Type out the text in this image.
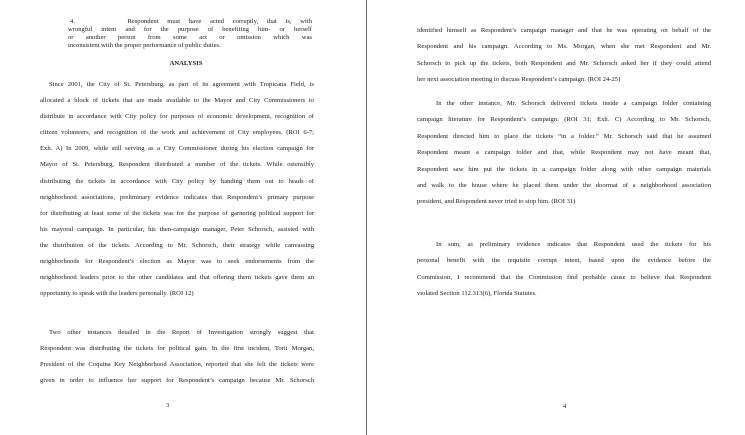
4.      Respondent must have acted corruptly, that is, with
wrongful intent and for the purpose of benefiting him- or herself
or another person from some act or omission which was
inconsistent with the proper performance of public duties.
ANALYSIS
Since 2001, the City of St. Petersburg, as part of its agreement with Tropicana Field, is
allocated a block of tickets that are made available to the Mayor and City Commissioners to
distribute in accordance with City policy for purposes of economic development, recognition of
citizen volunteers, and recognition of the work and achievement of City employees. (ROI 6-7;
Exh. A) In 2009, while still serving as a City Commissioner during his election campaign for
Mayor of St. Petersburg, Respondent distributed a number of the tickets. While ostensibly
distributing the tickets in accordance with City policy by handing them out to heads of
neighborhood associations, preliminary evidence indicates that Respondent’s primary purpose
for distributing at least some of the tickets was for the purpose of garnering political support for
his mayoral campaign. In particular, his then-campaign manager, Peter Schorsch, assisted with
the distribution of the tickets. According to Mr. Schorsch, their strategy while canvassing
neighborhoods for Respondent’s election as Mayor was to seek endorsements from the
neighborhood leaders prior to the other candidates and that offering them tickets gave them an
opportunity to speak with the leaders personally. (ROI 12)
Two other instances detailed in the Report of Investigation strongly suggest that
Respondent was distributing the tickets for political gain. In the first incident, Torii Morgan,
President of the Coquina Key Neighborhood Association, reported that she felt the tickets were
given in order to influence her support for Respondent’s campaign because Mr. Schorsch

3

identified himself as Respondent’s campaign manager and that he was operating on behalf of the
Respondent and his campaign. According to Ms. Morgan, when she met Respondent and Mr.
Schorsch to pick up the tickets, both Respondent and Mr. Schorsch asked her if they could attend
her next association meeting to discuss Respondent’s campaign. (ROI 24-25)
In the other instance, Mr. Schorsch delivered tickets inside a campaign folder containing
campaign literature for Respondent’s campaign. (ROI 31; Exh. C) According to Mr. Schorsch,
Respondent directed him to place the tickets “in a folder.” Mr. Schorsch said that he assumed
Respondent meant a campaign folder and that, while Respondent may not have meant that,
Respondent saw him put the tickets in a campaign folder along with other campaign materials
and walk to the house where he placed them under the doormat of a neighborhood association
president, and Respondent never tried to stop him. (ROI 31)
In sum, as preliminary evidence indicates that Respondent used the tickets for his
personal benefit with the requisite corrupt intent, based upon the evidence before the
Commission, I recommend that the Commission find probable cause to believe that Respondent
violated Section 112.313(6), Florida Statutes.

4
